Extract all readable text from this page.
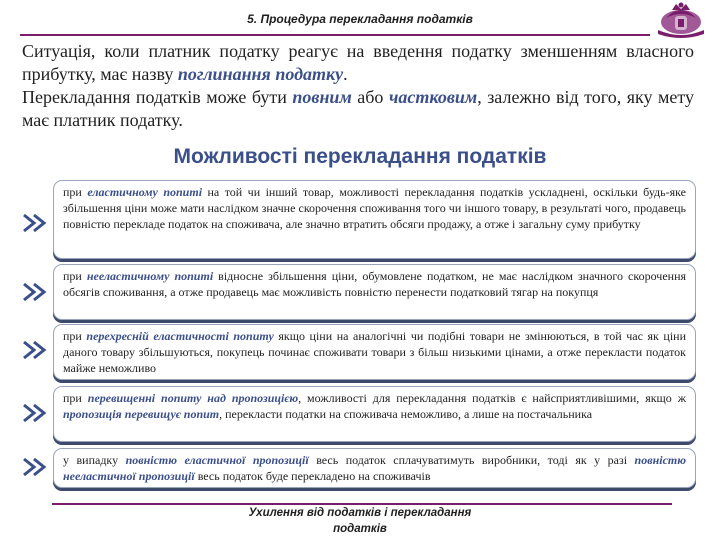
5. Процедура перекладання податків

Ситуація, коли платник податку реагує на введення податку зменшенням власного прибутку, має назву поглинання податку.

Перекладання податків може бути повним або частковим, залежно від того, яку мету має платник податку.

Можливості перекладання податків
при еластичному попиті на той чи інший товар, можливості перекладання податків ускладнені, оскільки будь-яке збільшення ціни може мати наслідком значне скорочення споживання того чи іншого товару, в результаті чого, продавець повністю перекладе податок на споживача, але значно втратить обсяги продажу, а отже і загальну суму прибутку
при нееластичному попиті відносне збільшення ціни, обумовлене податком, не має наслідком значного скорочення обсягів споживання, а отже продавець має можливість повністю перенести податковий тягар на покупця
при перехресній еластичності попиту якщо ціни на аналогічні чи подібні товари не змінюються, в той час як ціни даного товару збільшуються, покупець починає споживати товари з більш низькими цінами, а отже перекласти податок майже неможливо
при перевищенні попиту над пропозицією, можливості для перекладання податків є найсприятливішими, якщо ж пропозиція перевищує попит, перекласти податки на споживача неможливо, а лише на постачальника
у випадку повністю еластичної пропозиції весь податок сплачуватимуть виробники, тоді як у разі повністю нееластичної пропозиції весь податок буде перекладено на споживачів
Ухилення від податків і перекладання
податків
